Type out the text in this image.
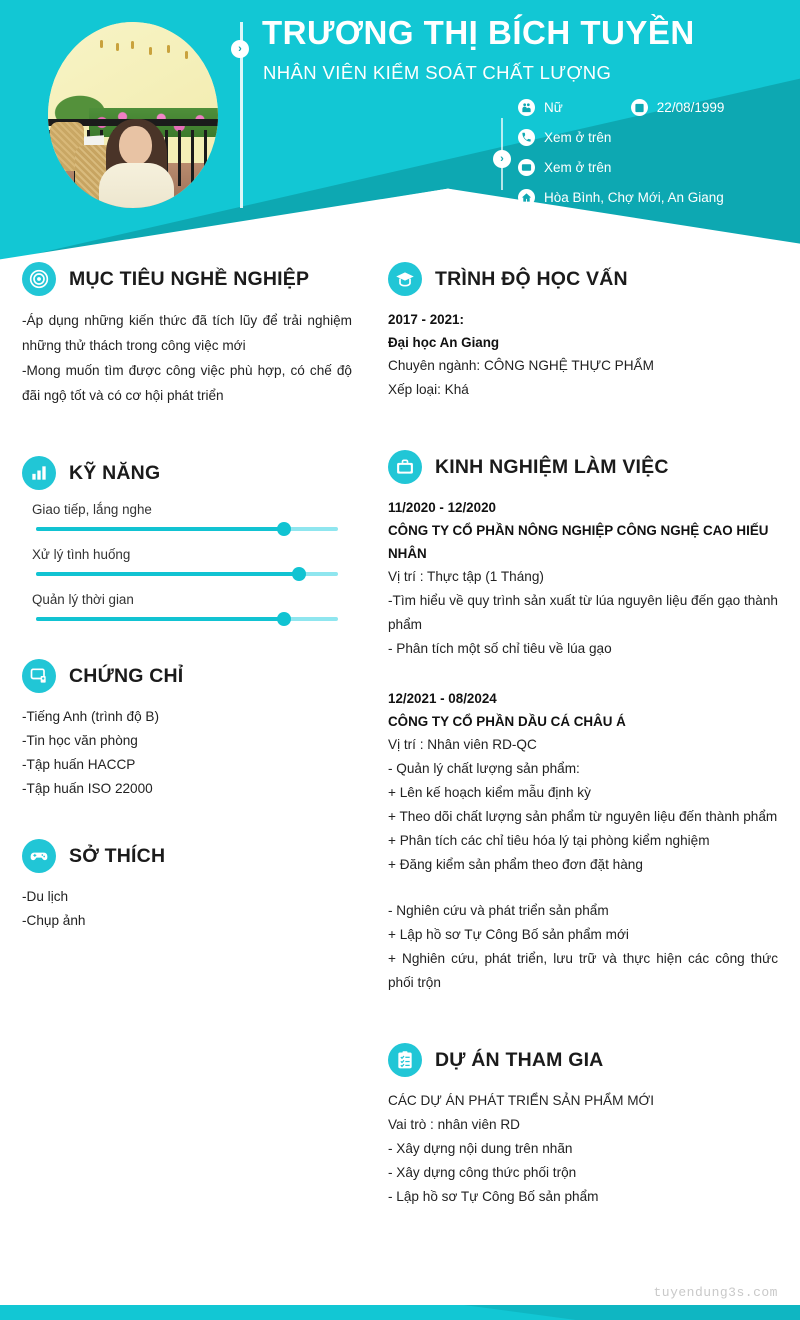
›
›
TRƯƠNG THỊ BÍCH TUYỀN
NHÂN VIÊN KIỂM SOÁT CHẤT LƯỢNG
Nữ	22/08/1999
Xem ở trên
Xem ở trên
Hòa Bình, Chợ Mới, An Giang
MỤC TIÊU NGHỀ NGHIỆP
-Áp dụng những kiến thức đã tích lũy để trải nghiệm những thử thách trong công việc mới
-Mong muốn tìm được công việc phù hợp, có chế độ đãi ngộ tốt và có cơ hội phát triển
KỸ NĂNG
Giao tiếp, lắng nghe
Xử lý tình huống
Quản lý thời gian
CHỨNG CHỈ
-Tiếng Anh (trình độ B)
-Tin học văn phòng
-Tập huấn HACCP
-Tập huấn ISO 22000
SỞ THÍCH
-Du lịch
-Chụp ảnh
TRÌNH ĐỘ HỌC VẤN
2017 - 2021:
Đại học An Giang
Chuyên ngành: CÔNG NGHỆ THỰC PHẨM
Xếp loại: Khá
KINH NGHIỆM LÀM VIỆC
11/2020 - 12/2020
CÔNG TY CỔ PHẦN NÔNG NGHIỆP CÔNG NGHỆ CAO HIẾU NHÂN
Vị trí : Thực tập (1 Tháng)
-Tìm hiểu về quy trình sản xuất từ lúa nguyên liệu đến gạo thành phẩm
- Phân tích một số chỉ tiêu về lúa gạo
12/2021 - 08/2024
CÔNG TY CỔ PHẦN DẦU CÁ CHÂU Á
Vị trí : Nhân viên RD-QC
- Quản lý chất lượng sản phẩm:
+ Lên kế hoạch kiểm mẫu định kỳ
+ Theo dõi chất lượng sản phẩm từ nguyên liệu đến thành phẩm
+ Phân tích các chỉ tiêu hóa lý tại phòng kiểm nghiệm
+ Đăng kiểm sản phẩm theo đơn đặt hàng
- Nghiên cứu và phát triển sản phẩm
+ Lập hồ sơ Tự Công Bố sản phẩm mới
+ Nghiên cứu, phát triển, lưu trữ và thực hiện các công thức phối trộn
DỰ ÁN THAM GIA
CÁC DỰ ÁN PHÁT TRIỂN SẢN PHẨM MỚI
Vai trò : nhân viên RD
- Xây dựng nội dung trên nhãn
- Xây dựng công thức phối trộn
- Lập hồ sơ Tự Công Bố sản phẩm
tuyendung3s.com
